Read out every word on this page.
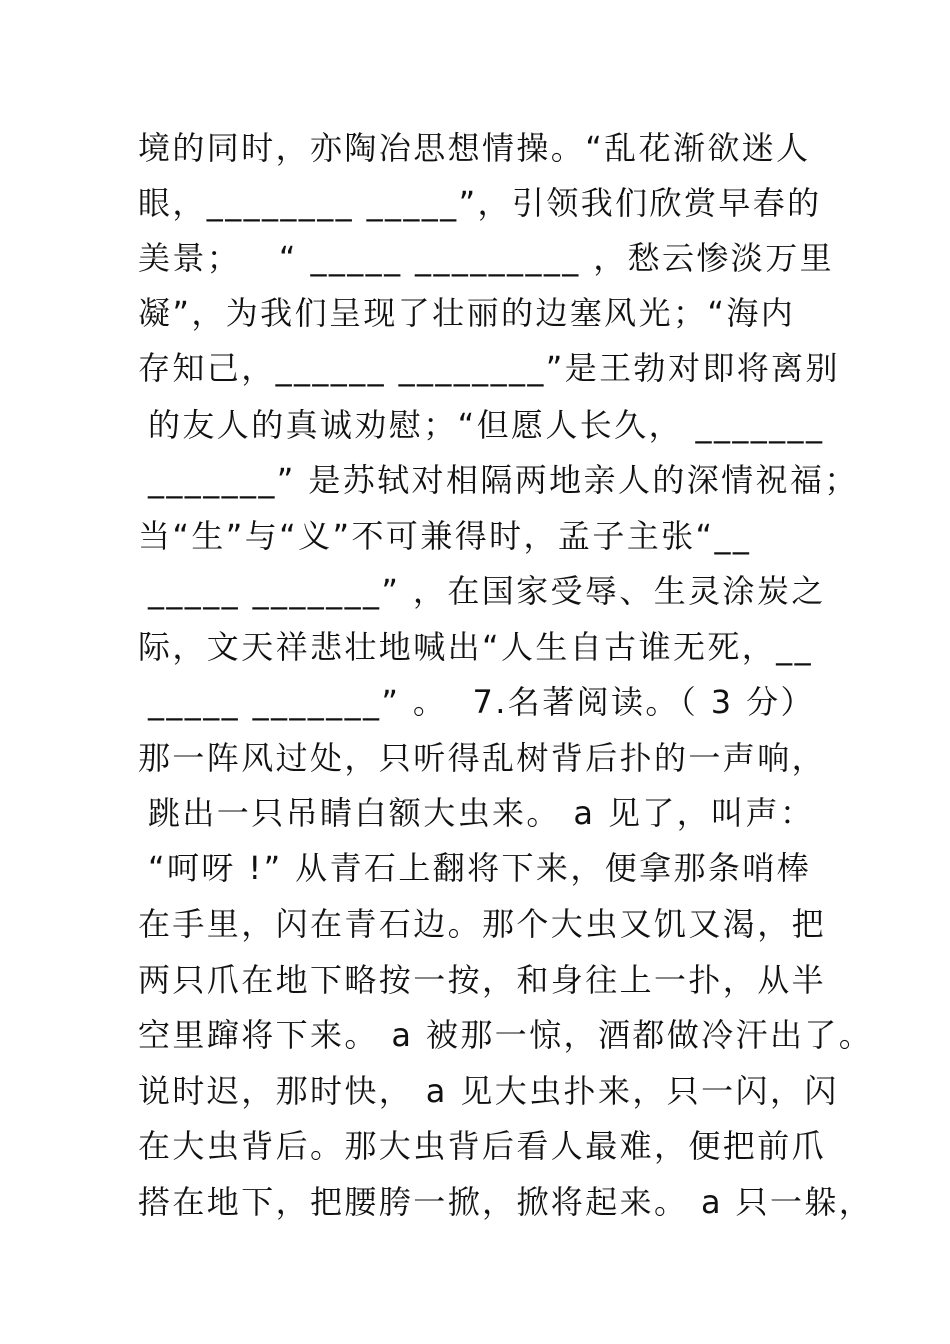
境的同时，亦陶冶思想情操。“乱花渐欲迷人
眼，________ _____”，引领我们欣赏早春的
美景；   “ _____ _________ ，愁云惨淡万里
凝”，为我们呈现了壮丽的边塞风光；“海内
存知己，______ ________”是王勃对即将离别
的友人的真诚劝慰；“但愿人长久， _______
_______” 是苏轼对相隔两地亲人的深情祝福；
当“生”与“义”不可兼得时，孟子主张“__
_____ _______” ，在国家受辱、生灵涂炭之
际，文天祥悲壮地喊出“人生自古谁无死，__
_____ _______” 。  7.名著阅读。（ 3 分）
那一阵风过处，只听得乱树背后扑的一声响，
跳出一只吊睛白额大虫来。 a 见了，叫声：
“呵呀 !” 从青石上翻将下来，便拿那条哨棒
在手里，闪在青石边。那个大虫又饥又渴，把
两只爪在地下略按一按，和身往上一扑，从半
空里蹿将下来。 a 被那一惊，酒都做冷汗出了。
说时迟，那时快， a 见大虫扑来，只一闪，闪
在大虫背后。那大虫背后看人最难，便把前爪
搭在地下，把腰胯一掀，掀将起来。 a 只一躲，
